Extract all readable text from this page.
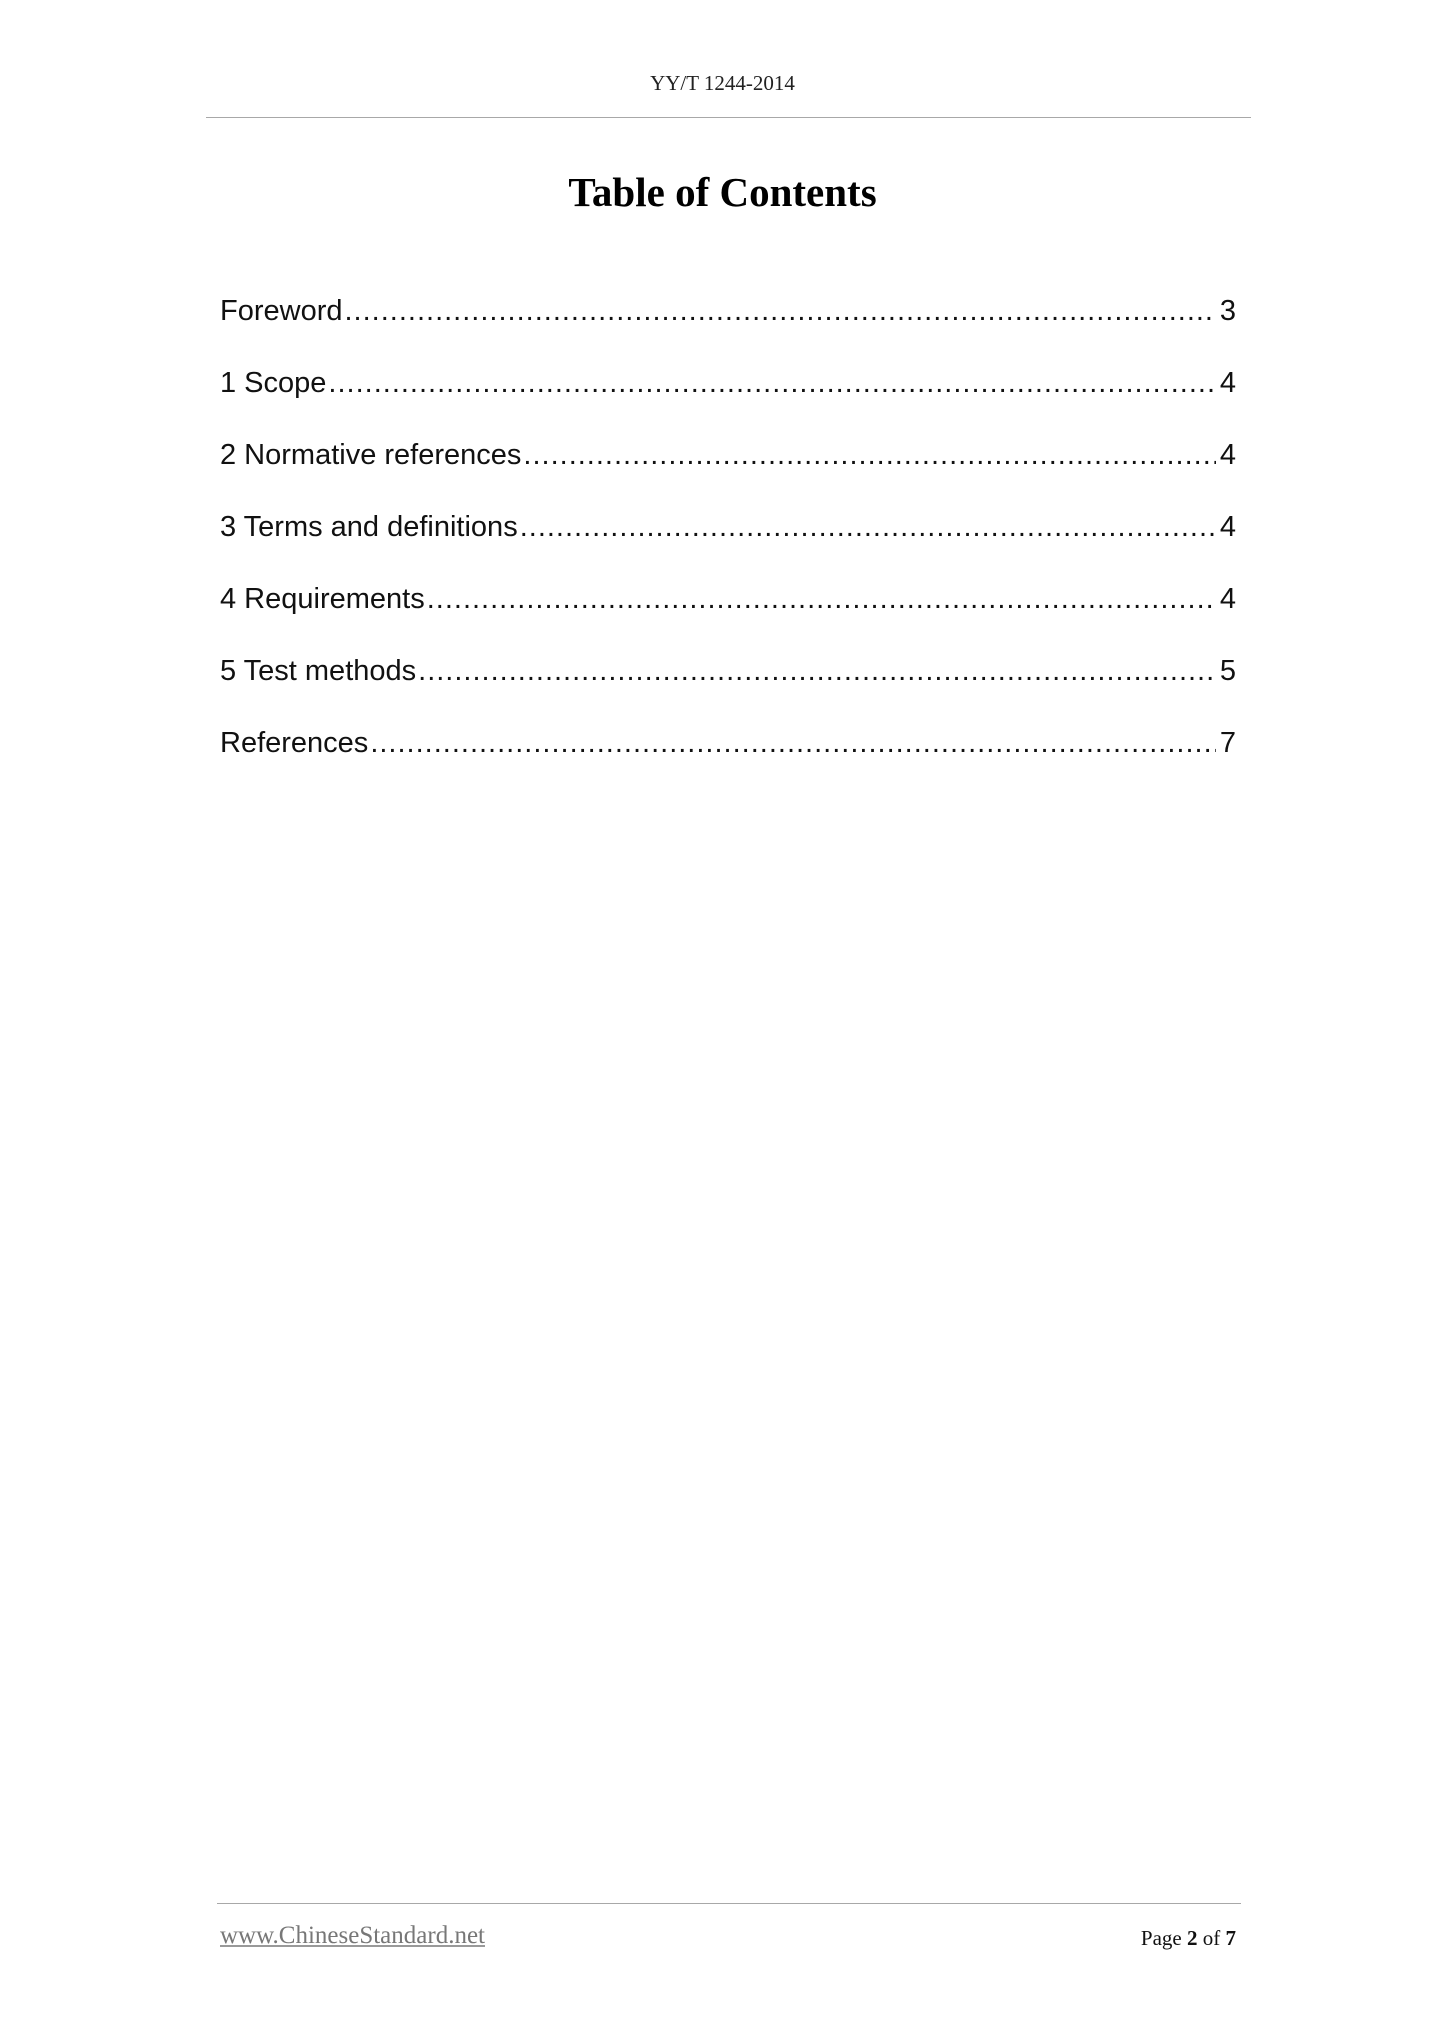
YY/T 1244-2014
Table of Contents
Foreword .....	3
1 Scope .....	4
2 Normative references .....	4
3 Terms and definitions .....	4
4 Requirements .....	4
5 Test methods .....	5
References .....	7
www.ChineseStandard.net	Page 2 of 7
